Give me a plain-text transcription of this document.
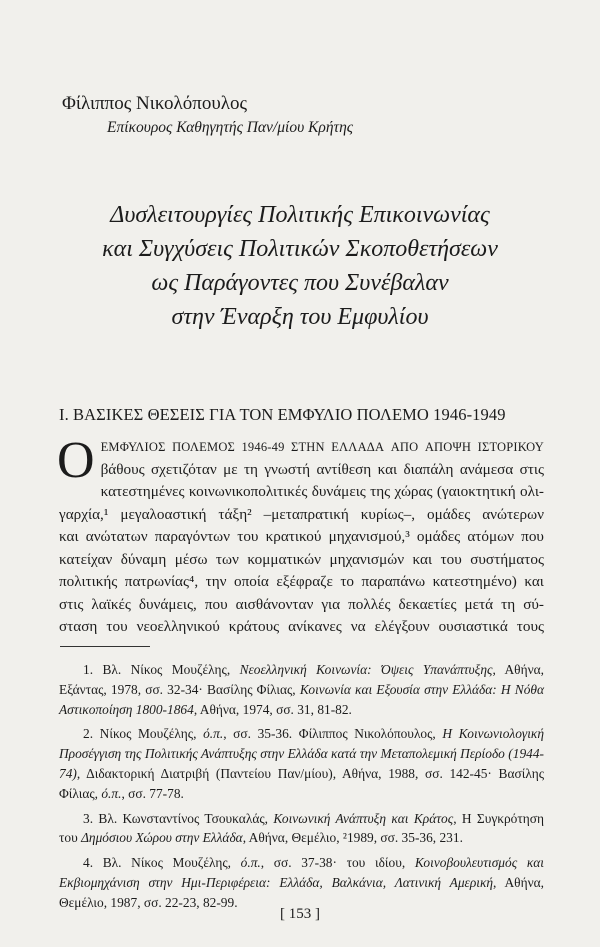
Φίλιππος Νικολόπουλος
Επίκουρος Καθηγητής Παν/μίου Κρήτης
Δυσλειτουργίες Πολιτικής Επικοινωνίας
και Συγχύσεις Πολιτικών Σκοποθετήσεων
ως Παράγοντες που Συνέβαλαν
στην Έναρξη του Εμφυλίου
Ι. ΒΑΣΙΚΕΣ ΘΕΣΕΙΣ ΓΙΑ ΤΟΝ ΕΜΦΥΛΙΟ ΠΟΛΕΜΟ 1946-1949
Ο ΕΜΦΥΛΙΟΣ ΠΟΛΕΜΟΣ 1946-49 ΣΤΗΝ ΕΛΛΑΔΑ ΑΠΟ ΑΠΟΨΗ ΙΣΤΟΡΙΚΟΥ
βάθους σχετιζόταν με τη γνωστή αντίθεση και διαπάλη ανάμεσα στις
κατεστημένες κοινωνικοπολιτικές δυνάμεις της χώρας (γαιοκτητική ολι-
γαρχία,¹ μεγαλοαστική τάξη² –μεταπρατική κυρίως–, ομάδες ανώτερων
και ανώτατων παραγόντων του κρατικού μηχανισμού,³ ομάδες ατόμων που
κατείχαν δύναμη μέσω των κομματικών μηχανισμών και του συστήματος
πολιτικής πατρωνίας⁴, την οποία εξέφραζε το παραπάνω κατεστημένο) και
στις λαϊκές δυνάμεις, που αισθάνονταν για πολλές δεκαετίες μετά τη σύ-
σταση του νεοελληνικού κράτους ανίκανες να ελέγξουν ουσιαστικά τους

1. Βλ. Νίκος Μουζέλης, Νεοελληνική Κοινωνία: Όψεις Υπανάπτυξης, Αθήνα, Εξάντας, 1978, σσ. 32-34· Βασίλης Φίλιας, Κοινωνία και Εξουσία στην Ελλάδα: Η Νόθα Αστικοποίηση 1800-1864, Αθήνα, 1974, σσ. 31, 81-82.

2. Νίκος Μουζέλης, ό.π., σσ. 35-36. Φίλιππος Νικολόπουλος, Η Κοινωνιολογική Προσέγγιση της Πολιτικής Ανάπτυξης στην Ελλάδα κατά την Μεταπολεμική Περίοδο (1944-74), Διδακτορική Διατριβή (Παντείου Παν/μίου), Αθήνα, 1988, σσ. 142-45· Βασίλης Φίλιας, ό.π., σσ. 77-78.

3. Βλ. Κωνσταντίνος Τσουκαλάς, Κοινωνική Ανάπτυξη και Κράτος, Η Συγκρότηση του Δημόσιου Χώρου στην Ελλάδα, Αθήνα, Θεμέλιο, ²1989, σσ. 35-36, 231.

4. Βλ. Νίκος Μουζέλης, ό.π., σσ. 37-38· του ιδίου, Κοινοβουλευτισμός και Εκβιομηχάνιση στην Ημι-Περιφέρεια: Ελλάδα, Βαλκάνια, Λατινική Αμερική, Αθήνα, Θεμέλιο, 1987, σσ. 22-23, 82-99.

[ 153 ]
